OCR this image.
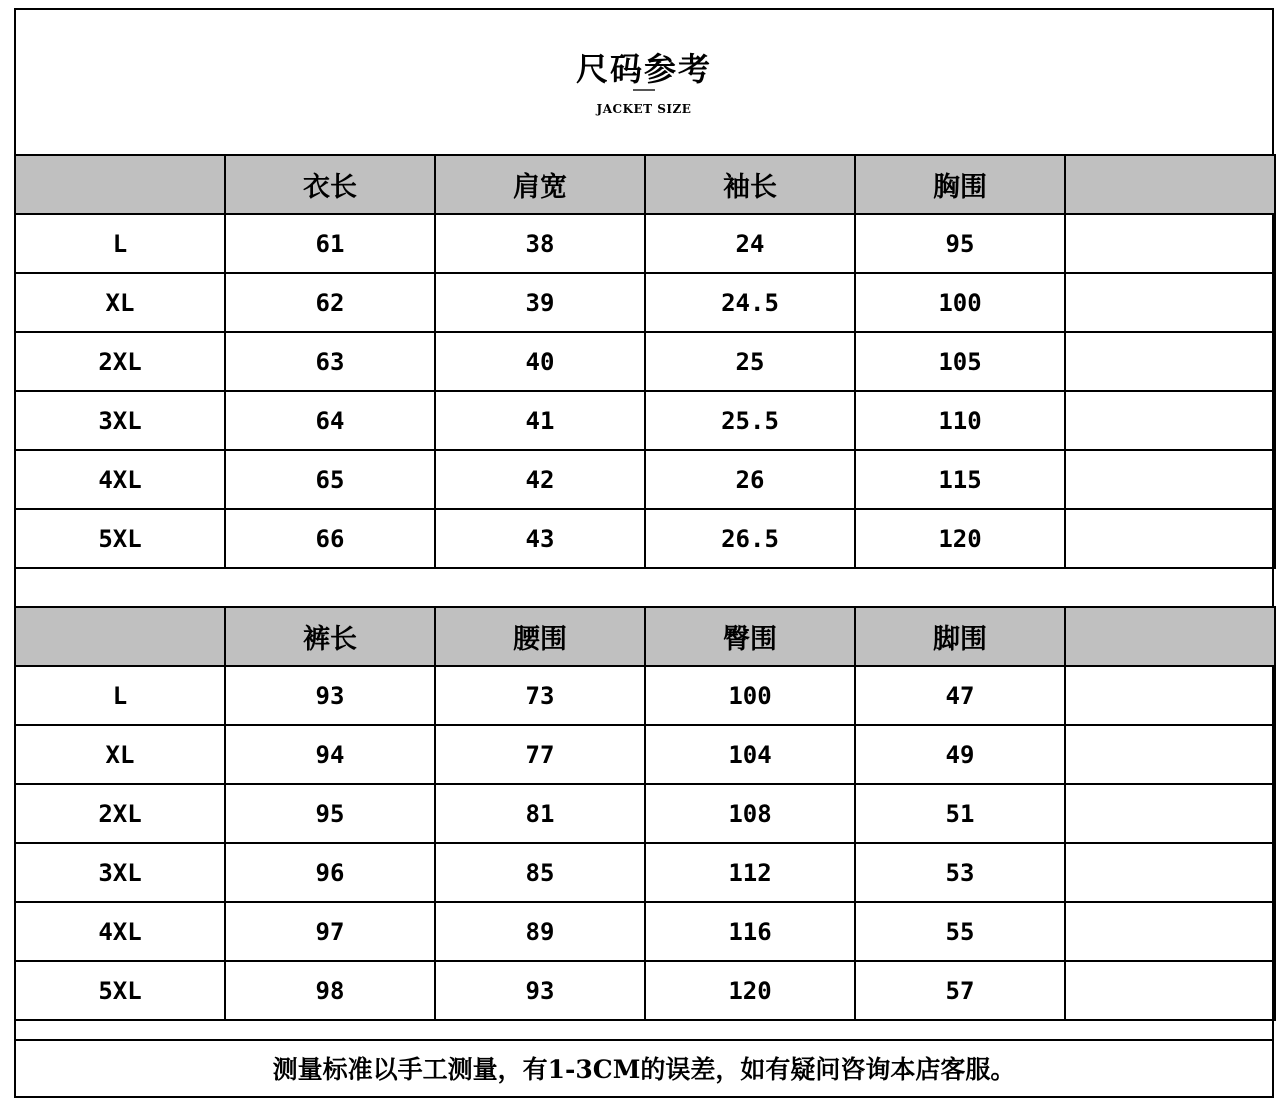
尺码参考
JACKET SIZE
	衣长	肩宽	袖长	胸围	
L	61	38	24	95	
XL	62	39	24.5	100	
2XL	63	40	25	105	
3XL	64	41	25.5	110	
4XL	65	42	26	115	
5XL	66	43	26.5	120	
	裤长	腰围	臀围	脚围	
L	93	73	100	47	
XL	94	77	104	49	
2XL	95	81	108	51	
3XL	96	85	112	53	
4XL	97	89	116	55	
5XL	98	93	120	57	
测量标准以手工测量，有1-3CM的误差，如有疑问咨询本店客服。
